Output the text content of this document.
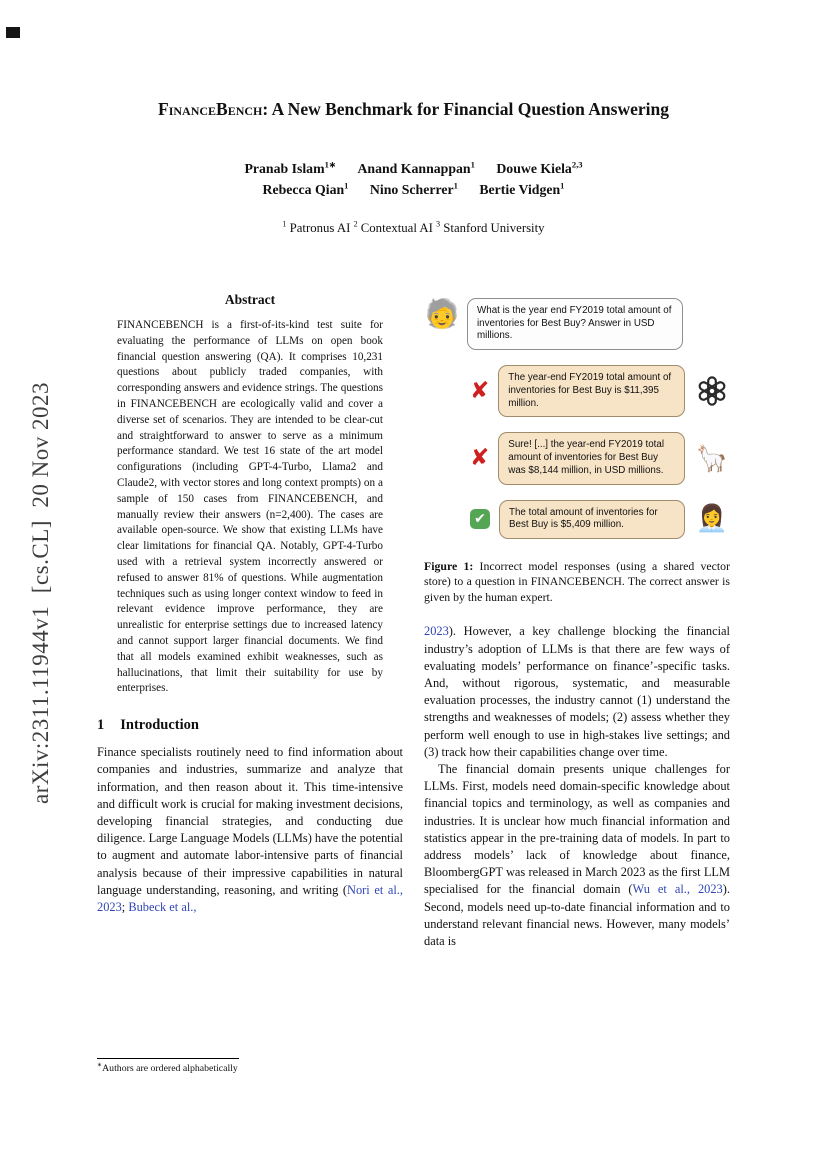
arXiv:2311.11944v1  [cs.CL]  20 Nov 2023
FinanceBench: A New Benchmark for Financial Question Answering
Pranab Islam$^{1∗}$ Anand Kannappan$^1$ Douwe Kiela$^{2,3}$
Rebecca Qian$^1$ Nino Scherrer$^1$ Bertie Vidgen$^1$
$^1$ Patronus AI $^2$ Contextual AI $^3$ Stanford University
Abstract

FINANCEBENCH is a first-of-its-kind test suite for evaluating the performance of LLMs on open book financial question answering (QA). It comprises 10,231 questions about publicly traded companies, with corresponding answers and evidence strings. The questions in FINANCEBENCH are ecologically valid and cover a diverse set of scenarios. They are intended to be clear-cut and straightforward to answer to serve as a minimum performance standard. We test 16 state of the art model configurations (including GPT-4-Turbo, Llama2 and Claude2, with vector stores and long context prompts) on a sample of 150 cases from FINANCEBENCH, and manually review their answers (n=2,400). The cases are available open-source. We show that existing LLMs have clear limitations for financial QA. Notably, GPT-4-Turbo used with a retrieval system incorrectly answered or refused to answer 81% of questions. While augmentation techniques such as using longer context window to feed in relevant evidence improve performance, they are unrealistic for enterprise settings due to increased latency and cannot support larger financial documents. We find that all models examined exhibit weaknesses, such as hallucinations, that limit their suitability for use by enterprises.

1 Introduction

Finance specialists routinely need to find information about companies and industries, summarize and analyze that information, and then reason about it. This time-intensive and difficult work is crucial for making investment decisions, developing financial strategies, and conducting due diligence. Large Language Models (LLMs) have the potential to augment and automate labor-intensive parts of financial analysis because of their impressive capabilities in natural language understanding, reasoning, and writing (Nori et al., 2023; Bubeck et al.,

🧓	What is the year end FY2019 total amount of inventories for Best Buy? Answer in USD millions.
✘
The year-end FY2019 total amount of inventories for Best Buy is $11,395 million.
✘
Sure! [...] the year-end FY2019 total amount of inventories for Best Buy was $8,144 million, in USD millions.	🦙
✔	The total amount of inventories for Best Buy is $5,409 million.	👩‍💼

Figure 1: Incorrect model responses (using a shared vector store) to a question in FINANCEBENCH. The correct answer is given by the human expert.

2023). However, a key challenge blocking the financial industry’s adoption of LLMs is that there are few ways of evaluating models’ performance on finance’-specific tasks. And, without rigorous, systematic, and measurable evaluation processes, the industry cannot (1) understand the strengths and weaknesses of models; (2) assess whether they perform well enough to use in high-stakes live settings; and (3) track how their capabilities change over time.

The financial domain presents unique challenges for LLMs. First, models need domain-specific knowledge about financial topics and terminology, as well as companies and industries. It is unclear how much financial information and statistics appear in the pre-training data of models. In part to address models’ lack of knowledge about finance, BloombergGPT was released in March 2023 as the first LLM specialised for the financial domain (Wu et al., 2023). Second, models need up-to-date financial information and to understand relevant financial news. However, many models’ data is

∗Authors are ordered alphabetically
